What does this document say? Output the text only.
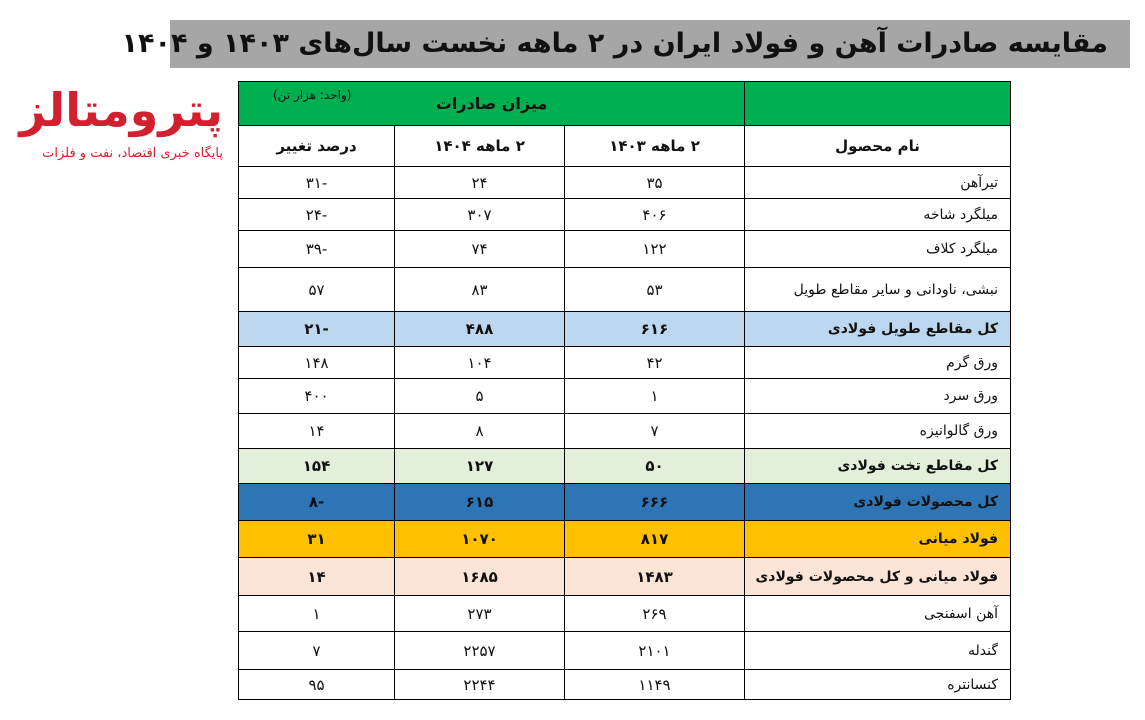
مقایسه صادرات آهن و فولاد ایران در ۲ ماهه نخست سال‌های ۱۴۰۳ و ۱۴۰۴
پترومتالز
پایگاه خبری اقتصاد، نفت و فلزات
	میزان صادرات
(واحد: هزار تن)		

نام محصول	۲ ماهه ۱۴۰۳	۲ ماهه ۱۴۰۴	درصد تغییر
تیرآهن	۳۵	۲۴	-۳۱
میلگرد شاخه	۴۰۶	۳۰۷	-۲۴
میلگرد کلاف	۱۲۲	۷۴	-۳۹
نبشی، ناودانی و سایر مقاطع طویل	۵۳	۸۳	۵۷
کل مقاطع طویل فولادی	۶۱۶	۴۸۸	-۲۱
ورق گرم	۴۲	۱۰۴	۱۴۸
ورق سرد	۱	۵	۴۰۰
ورق گالوانیزه	۷	۸	۱۴
کل مقاطع تخت فولادی	۵۰	۱۲۷	۱۵۴
کل محصولات فولادی	۶۶۶	۶۱۵	-۸
فولاد میانی	۸۱۷	۱۰۷۰	۳۱
فولاد میانی و کل محصولات فولادی	۱۴۸۳	۱۶۸۵	۱۴
آهن اسفنجی	۲۶۹	۲۷۳	۱
گندله	۲۱۰۱	۲۲۵۷	۷
کنسانتره	۱۱۴۹	۲۲۴۴	۹۵
